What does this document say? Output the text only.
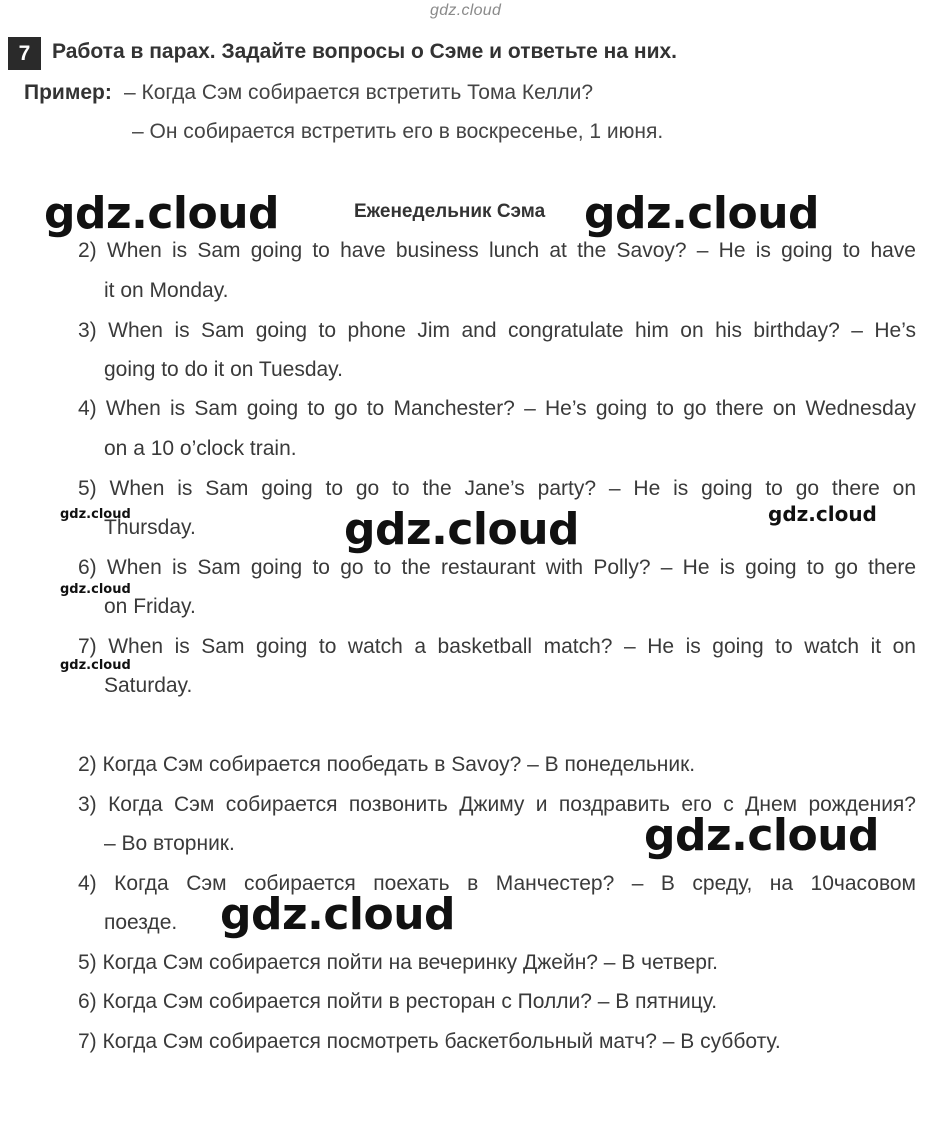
gdz.cloud
7	Работа в парах. Задайте вопросы о Сэме и ответьте на них.
Пример: – Когда Сэм собирается встретить Тома Келли?
– Он собирается встретить его в воскресенье, 1 июня.
Еженедельник Сэма
2) When is Sam going to have business lunch at the Savoy? – He is going to have
it on Monday.
3) When is Sam going to phone Jim and congratulate him on his birthday? – He’s
going to do it on Tuesday.
4) When is Sam going to go to Manchester? – He’s going to go there on Wednesday
on a 10 o’clock train.
5) When is Sam going to go to the Jane’s party? – He is going to go there on
Thursday.
6) When is Sam going to go to the restaurant with Polly? – He is going to go there
on Friday.
7) When is Sam going to watch a basketball match? – He is going to watch it on
Saturday.
2) Когда Сэм собирается пообедать в Savoy? – В понедельник.
3) Когда Сэм собирается позвонить Джиму и поздравить его с Днем рождения?
– Во вторник.
4) Когда Сэм собирается поехать в Манчестер? – В среду, на 10часовом
поезде.
5) Когда Сэм собирается пойти на вечеринку Джейн? – В четверг.
6) Когда Сэм собирается пойти в ресторан с Полли? – В пятницу.
7) Когда Сэм собирается посмотреть баскетбольный матч? – В субботу.
gdz.cloud	gdz.cloud
gdz.cloud
gdz.cloud
gdz.cloud
gdz.cloud
gdz.cloud
gdz.cloud
gdz.cloud
